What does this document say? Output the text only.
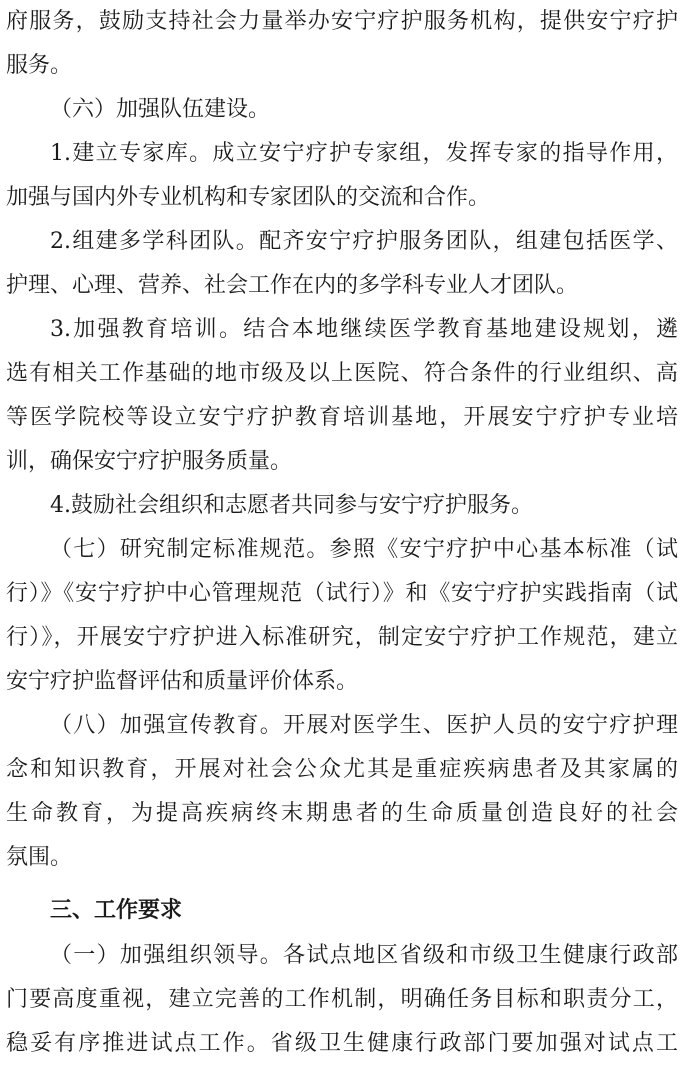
府服务，鼓励支持社会力量举办安宁疗护服务机构，提供安宁疗护
服务。
（六）加强队伍建设。
1.建立专家库。成立安宁疗护专家组，发挥专家的指导作用，
加强与国内外专业机构和专家团队的交流和合作。
2.组建多学科团队。配齐安宁疗护服务团队，组建包括医学、
护理、心理、营养、社会工作在内的多学科专业人才团队。
3.加强教育培训。结合本地继续医学教育基地建设规划，遴
选有相关工作基础的地市级及以上医院、符合条件的行业组织、高
等医学院校等设立安宁疗护教育培训基地，开展安宁疗护专业培
训，确保安宁疗护服务质量。
4.鼓励社会组织和志愿者共同参与安宁疗护服务。
（七）研究制定标准规范。参照《安宁疗护中心基本标准（试
行）》《安宁疗护中心管理规范（试行）》和《安宁疗护实践指南（试
行）》，开展安宁疗护进入标准研究，制定安宁疗护工作规范，建立
安宁疗护监督评估和质量评价体系。
（八）加强宣传教育。开展对医学生、医护人员的安宁疗护理
念和知识教育，开展对社会公众尤其是重症疾病患者及其家属的
生命教育，为提高疾病终末期患者的生命质量创造良好的社会
氛围。
三、工作要求
（一）加强组织领导。各试点地区省级和市级卫生健康行政部
门要高度重视，建立完善的工作机制，明确任务目标和职责分工，
稳妥有序推进试点工作。省级卫生健康行政部门要加强对试点工
